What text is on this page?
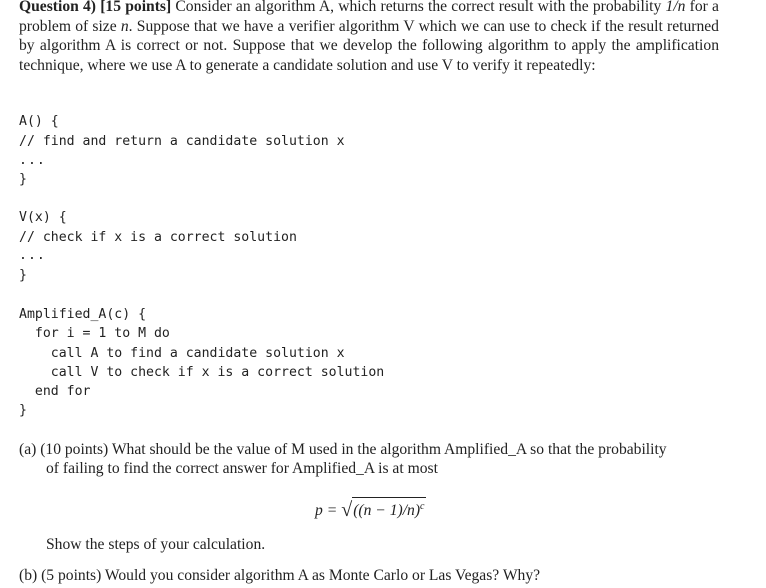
Question 4) [15 points] Consider an algorithm A, which returns the correct result with the probability 1/n for a problem of size n. Suppose that we have a verifier algorithm V which we can use to check if the result returned by algorithm A is correct or not. Suppose that we develop the following algorithm to apply the amplification technique, where we use A to generate a candidate solution and use V to verify it repeatedly:
A() {
// find and return a candidate solution x
...
}
V(x) {
// check if x is a correct solution
...
}
Amplified_A(c) {
for i = 1 to M do
call A to find a candidate solution x
call V to check if x is a correct solution
end for
}
(a) (10 points) What should be the value of M used in the algorithm Amplified_A so that the probability
of failing to find the correct answer for Amplified_A is at most
p = √ $((n - 1)/n)^c$
Show the steps of your calculation.
(b) (5 points) Would you consider algorithm A as Monte Carlo or Las Vegas? Why?
